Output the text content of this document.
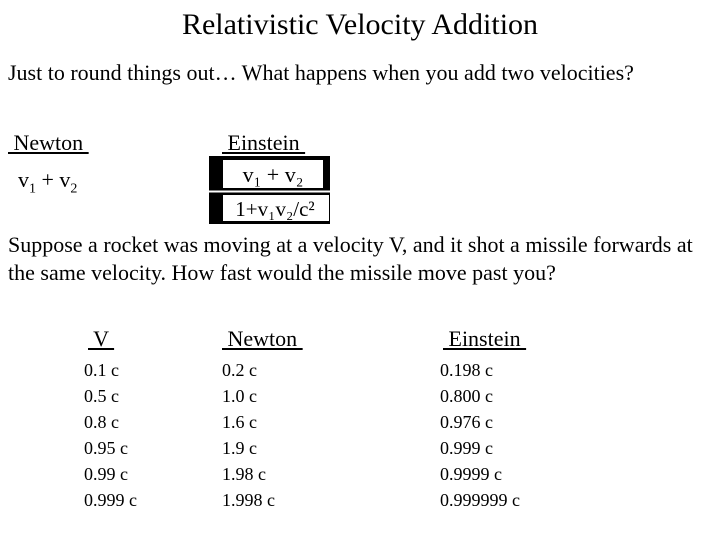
Relativistic Velocity Addition
Just to round things out… What happens when you add two velocities?
Newton	Einstein
$v_1 + v_2$
v₁ + v₂
1+v₁v₂/c²
Suppose a rocket was moving at a velocity V, and it shot a missile forwards at the same velocity. How fast would the missile move past you?
V	Newton	Einstein
0.1 c	0.2 c	0.198 c
0.5 c	1.0 c	0.800 c
0.8 c	1.6 c	0.976 c
0.95 c	1.9 c	0.999 c
0.99 c	1.98 c	0.9999 c
0.999 c	1.998 c	0.999999 c
